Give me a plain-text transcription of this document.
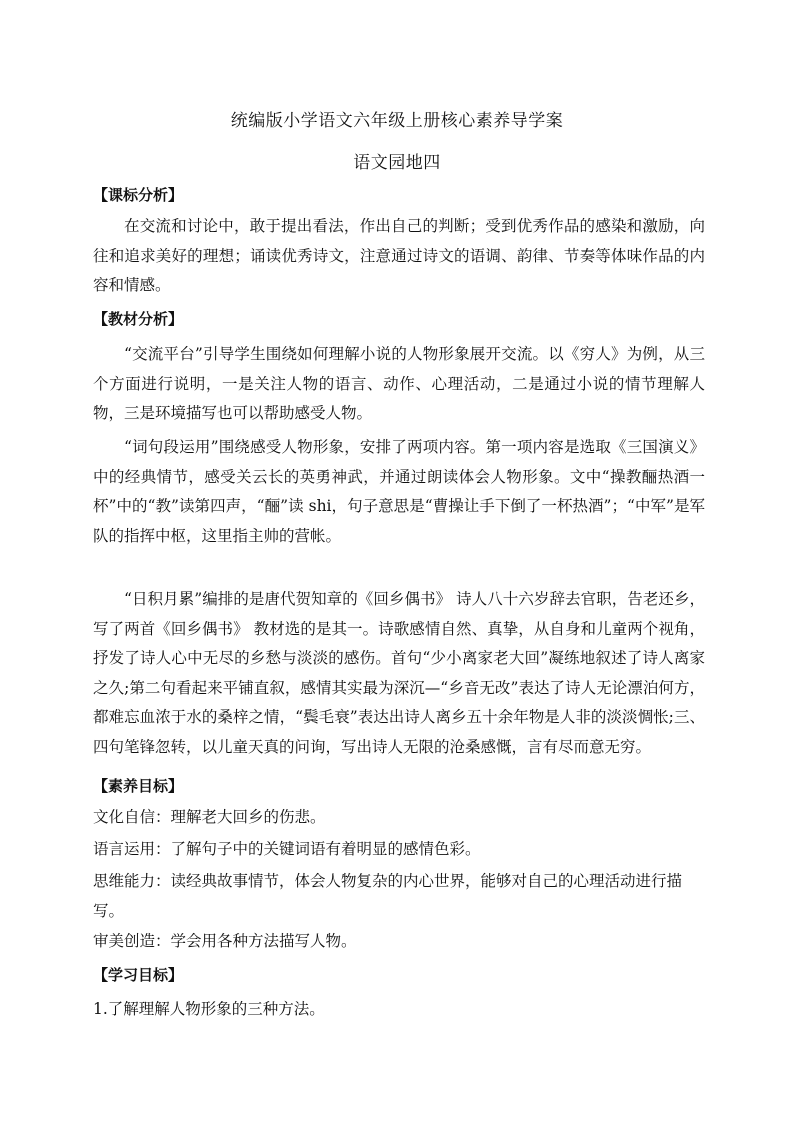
统编版小学语文六年级上册核心素养导学案
语文园地四
【课标分析】

在交流和讨论中，敢于提出看法，作出自己的判断；受到优秀作品的感染和激励，向往和追求美好的理想；诵读优秀诗文，注意通过诗文的语调、韵律、节奏等体味作品的内容和情感。

【教材分析】

“交流平台”引导学生围绕如何理解小说的人物形象展开交流。以《穷人》为例，从三个方面进行说明，一是关注人物的语言、动作、心理活动，二是通过小说的情节理解人物，三是环境描写也可以帮助感受人物。

“词句段运用”围绕感受人物形象，安排了两项内容。第一项内容是选取《三国演义》中的经典情节，感受关云长的英勇神武，并通过朗读体会人物形象。文中“操教酾热酒一杯”中的“教”读第四声，“酾”读 shi，句子意思是“曹操让手下倒了一杯热酒”；“中军”是军队的指挥中枢，这里指主帅的营帐。

“日积月累”编排的是唐代贺知章的《回乡偶书》 诗人八十六岁辞去官职，告老还乡，写了两首《回乡偶书》 教材选的是其一。诗歌感情自然、真挚，从自身和儿童两个视角，抒发了诗人心中无尽的乡愁与淡淡的感伤。首句“少小离家老大回”凝练地叙述了诗人离家之久;第二句看起来平铺直叙，感情其实最为深沉—“乡音无改”表达了诗人无论漂泊何方，都难忘血浓于水的桑梓之情，“鬓毛衰”表达出诗人离乡五十余年物是人非的淡淡惆怅;三、四句笔锋忽转，以儿童天真的问询，写出诗人无限的沧桑感慨，言有尽而意无穷。

【素养目标】

文化自信：理解老大回乡的伤悲。

语言运用：了解句子中的关键词语有着明显的感情色彩。

思维能力：读经典故事情节，体会人物复杂的内心世界，能够对自己的心理活动进行描写。

审美创造：学会用各种方法描写人物。

【学习目标】

1.了解理解人物形象的三种方法。
